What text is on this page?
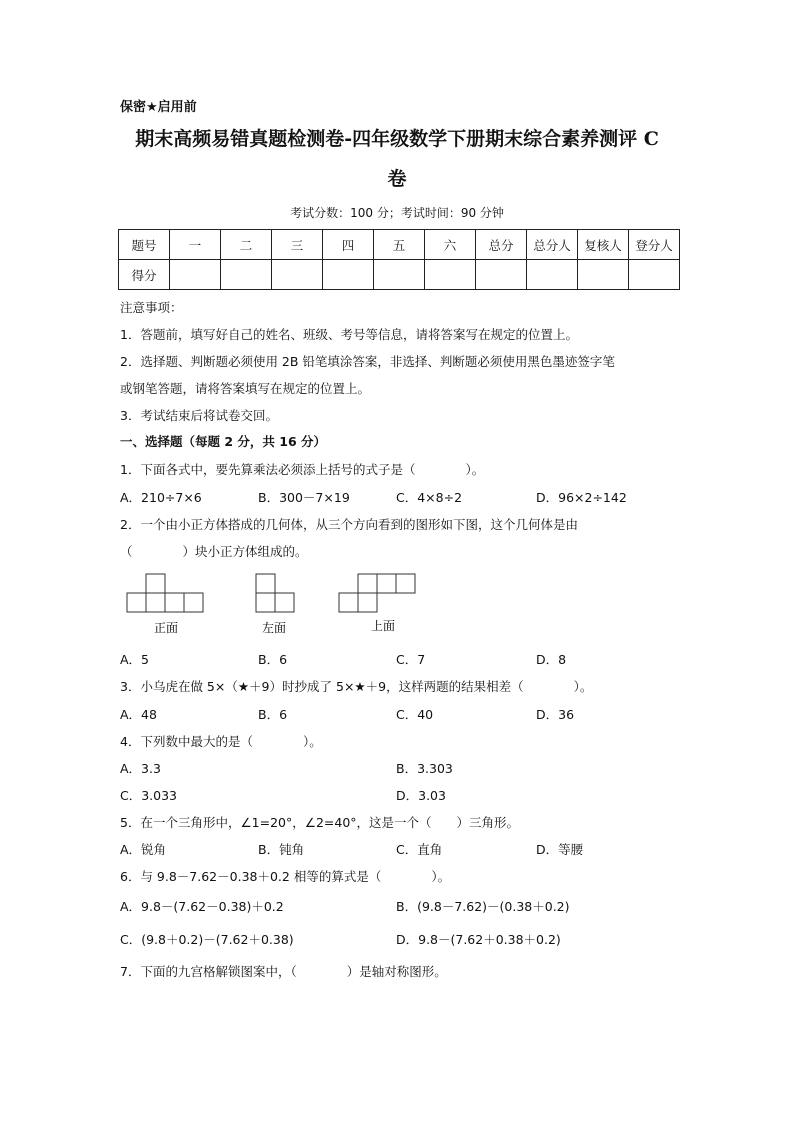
保密★启用前
期末高频易错真题检测卷-四年级数学下册期末综合素养测评 C
卷
考试分数：100 分；考试时间：90 分钟
题号	一	二	三	四	五	六	总分	总分人	复核人	登分人
得分										
注意事项：
1．答题前，填写好自己的姓名、班级、考号等信息，请将答案写在规定的位置上。
2．选择题、判断题必须使用 2B 铅笔填涂答案，非选择、判断题必须使用黑色墨迹签字笔
或钢笔答题，请将答案填写在规定的位置上。
3．考试结束后将试卷交回。
一、选择题（每题 2 分，共 16 分）
1．下面各式中，要先算乘法必须添上括号的式子是（　　　　）。
A．210÷7×6	B．300－7×19	C．4×8÷2	D．96×2÷142
2．一个由小正方体搭成的几何体，从三个方向看到的图形如下图，这个几何体是由
（　　　　）块小正方体组成的。
正面	左面	上面
A．5	B．6	C．7	D．8
3．小乌虎在做 5×（★＋9）时抄成了 5×★＋9，这样两题的结果相差（　　　　）。
A．48	B．6	C．40	D．36
4．下列数中最大的是（　　　　）。
A．3.3	B．3.303
C．3.033	D．3.03
5．在一个三角形中，∠1=20°，∠2=40°，这是一个（　　）三角形。
A．锐角	B．钝角	C．直角	D．等腰
6．与 9.8－7.62－0.38＋0.2 相等的算式是（　　　　）。
A．9.8－(7.62－0.38)＋0.2	B．(9.8－7.62)－(0.38＋0.2)
C．(9.8＋0.2)－(7.62＋0.38)	D．9.8－(7.62＋0.38＋0.2)
7．下面的九宫格解锁图案中，（　　　　）是轴对称图形。
